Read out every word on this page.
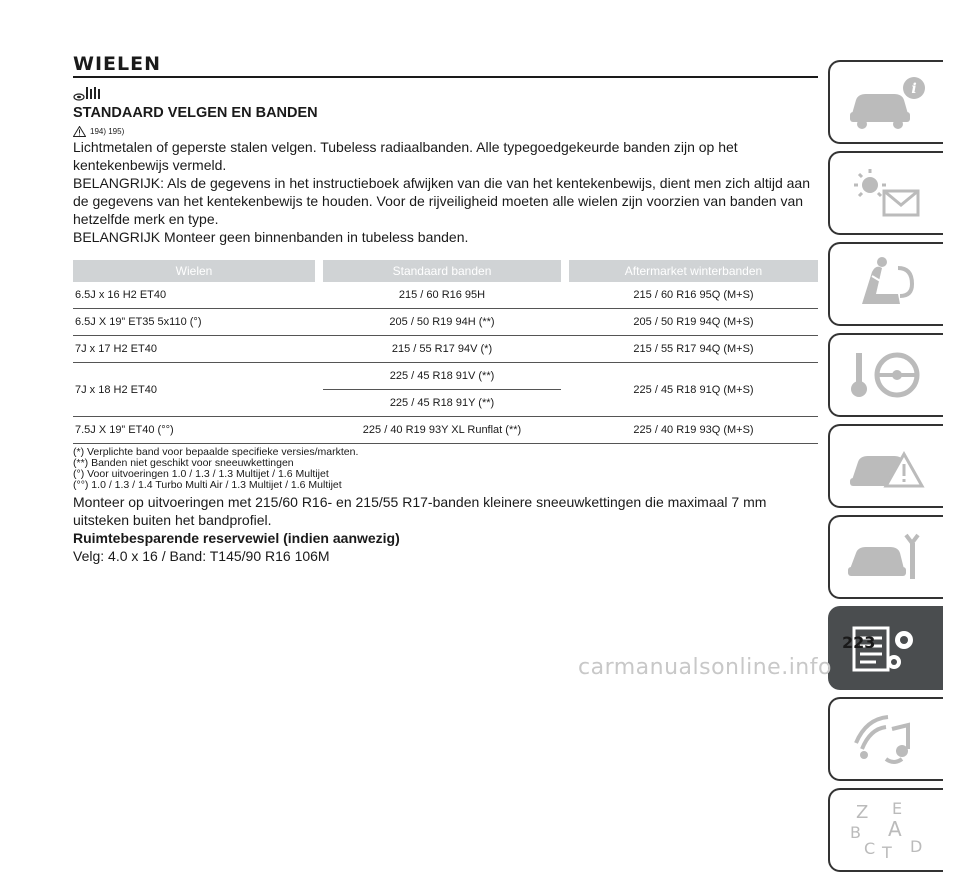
WIELEN
STANDAARD VELGEN EN BANDEN
194) 195)

Lichtmetalen of geperste stalen velgen. Tubeless radiaalbanden. Alle typegoedgekeurde banden zijn op het kentekenbewijs vermeld.

BELANGRIJK: Als de gegevens in het instructieboek afwijken van die van het kentekenbewijs, dient men zich altijd aan de gegevens van het kentekenbewijs te houden. Voor de rijveiligheid moeten alle wielen zijn voorzien van banden van hetzelfde merk en type.

BELANGRIJK Monteer geen binnenbanden in tubeless banden.

Wielen		Standaard banden		Aftermarket winterbanden
6.5J x 16 H2 ET40		215 / 60 R16 95H		215 / 60 R16 95Q (M+S)
6.5J X 19” ET35 5x110 (°)		205 / 50 R19 94H (**)		205 / 50 R19 94Q (M+S)
7J x 17 H2 ET40		215 / 55 R17 94V (*)		215 / 55 R17 94Q (M+S)
7J x 18 H2 ET40		225 / 45 R18 91V (**)		225 / 45 R18 91Q (M+S)
		225 / 45 R18 91Y (**)		
7.5J X 19” ET40 (°°)		225 / 40 R19 93Y XL Runflat (**)		225 / 40 R19 93Q (M+S)
(*) Verplichte band voor bepaalde specifieke versies/markten.
(**) Banden niet geschikt voor sneeuwkettingen
(°) Voor uitvoeringen 1.0 / 1.3 / 1.3 Multijet / 1.6 Multijet
(°°) 1.0 / 1.3 / 1.4 Turbo Multi Air / 1.3 Multijet / 1.6 Multijet

Monteer op uitvoeringen met 215/60 R16- en 215/55 R17-banden kleinere sneeuwkettingen die maximaal 7 mm uitsteken buiten het bandprofiel.

Ruimtebesparende reservewiel (indien aanwezig)

Velg: 4.0 x 16 / Band: T145/90 R16 106M

i
Z E
B A
C T D
223
carmanualsonline.info
